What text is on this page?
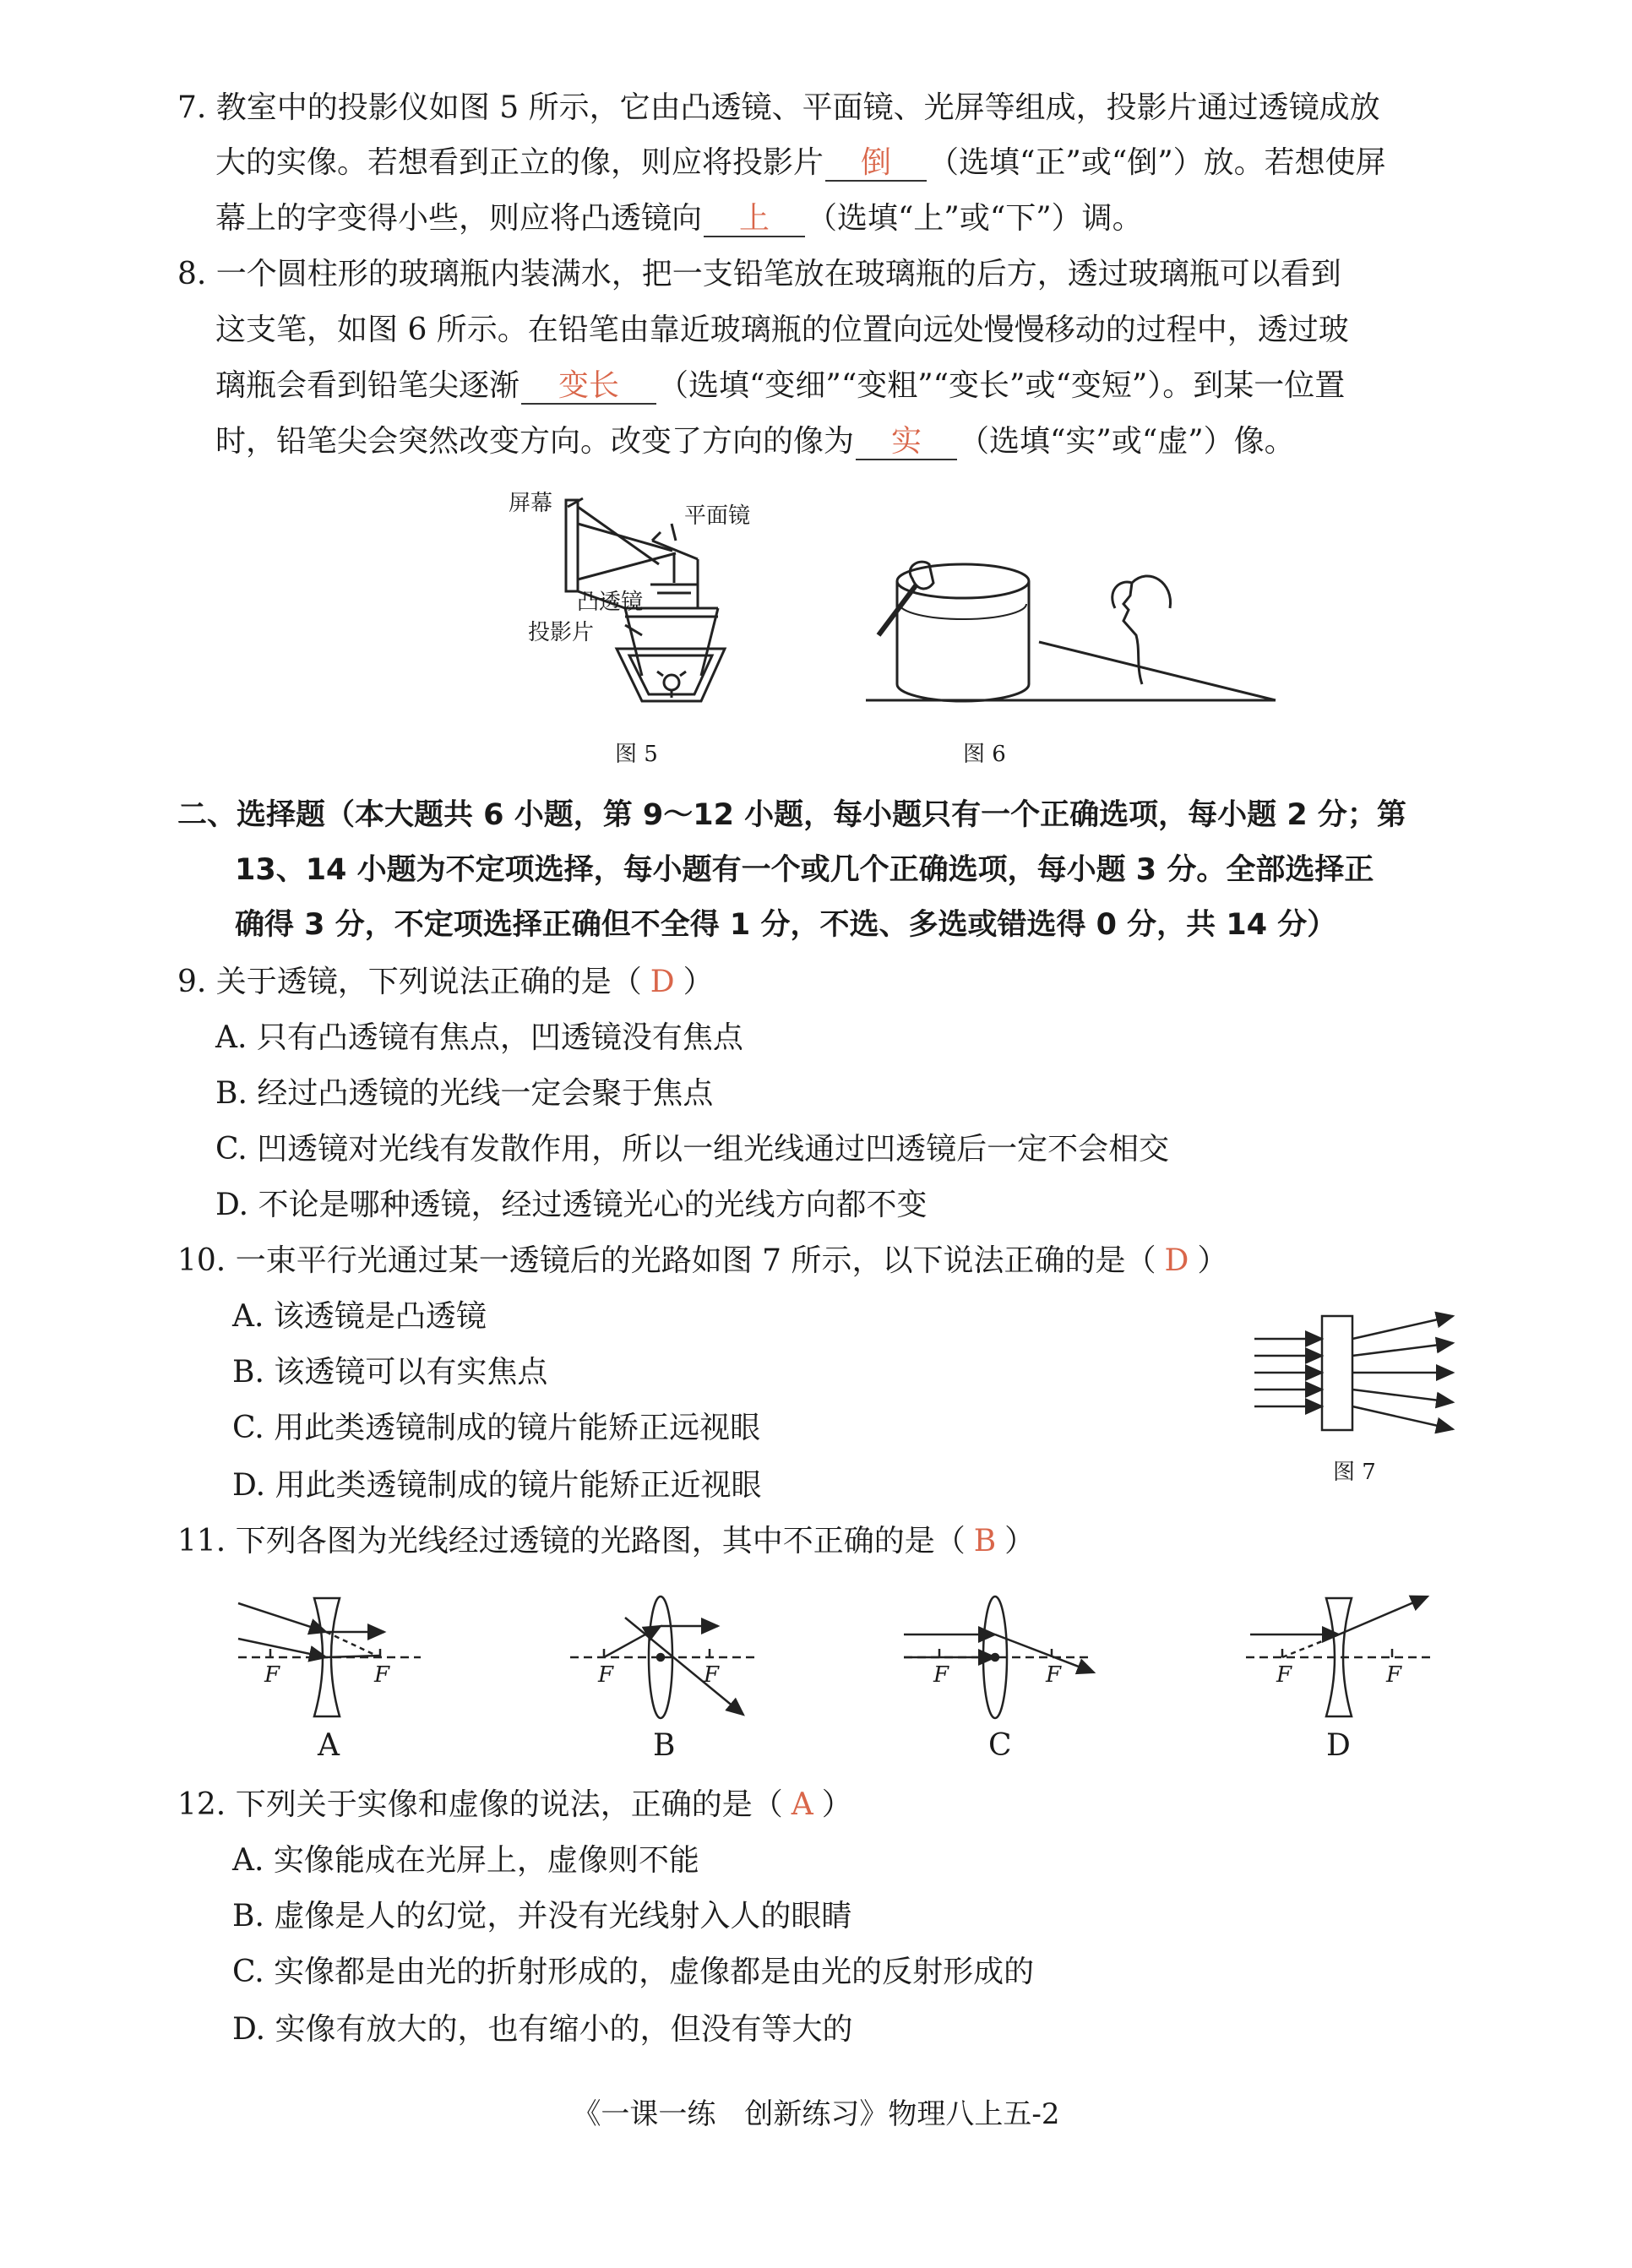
7. 教室中的投影仪如图 5 所示，它由凸透镜、平面镜、光屏等组成，投影片通过透镜成放
大的实像。若想看到正立的像，则应将投影片 倒 （选填“正”或“倒”）放。若想使屏
幕上的字变得小些，则应将凸透镜向 上 （选填“上”或“下”）调。
8. 一个圆柱形的玻璃瓶内装满水，把一支铅笔放在玻璃瓶的后方，透过玻璃瓶可以看到
这支笔，如图 6 所示。在铅笔由靠近玻璃瓶的位置向远处慢慢移动的过程中，透过玻
璃瓶会看到铅笔尖逐渐 变长 （选填“变细”“变粗”“变长”或“变短”）。到某一位置
时，铅笔尖会突然改变方向。改变了方向的像为 实 （选填“实”或“虚”）像。
屏幕	平面镜
凸透镜
投影片
图 5	图 6
二、选择题（本大题共 6 小题，第 9～12 小题，每小题只有一个正确选项，每小题 2 分；第
13、14 小题为不定项选择，每小题有一个或几个正确选项，每小题 3 分。全部选择正
确得 3 分，不定项选择正确但不全得 1 分，不选、多选或错选得 0 分，共 14 分）
9. 关于透镜，下列说法正确的是（ D ）
A. 只有凸透镜有焦点，凹透镜没有焦点
B. 经过凸透镜的光线一定会聚于焦点
C. 凹透镜对光线有发散作用，所以一组光线通过凹透镜后一定不会相交
D. 不论是哪种透镜，经过透镜光心的光线方向都不变
10. 一束平行光通过某一透镜后的光路如图 7 所示，以下说法正确的是（ D ）
A. 该透镜是凸透镜
B. 该透镜可以有实焦点
C. 用此类透镜制成的镜片能矫正远视眼
D. 用此类透镜制成的镜片能矫正近视眼	图 7
11. 下列各图为光线经过透镜的光路图，其中不正确的是（ B ）
F	F	F	F	F	F	F	F
A	B	C	D
12. 下列关于实像和虚像的说法，正确的是（ A ）
A. 实像能成在光屏上，虚像则不能
B. 虚像是人的幻觉，并没有光线射入人的眼睛
C. 实像都是由光的折射形成的，虚像都是由光的反射形成的
D. 实像有放大的，也有缩小的，但没有等大的
《一课一练　创新练习》物理八上五-2
